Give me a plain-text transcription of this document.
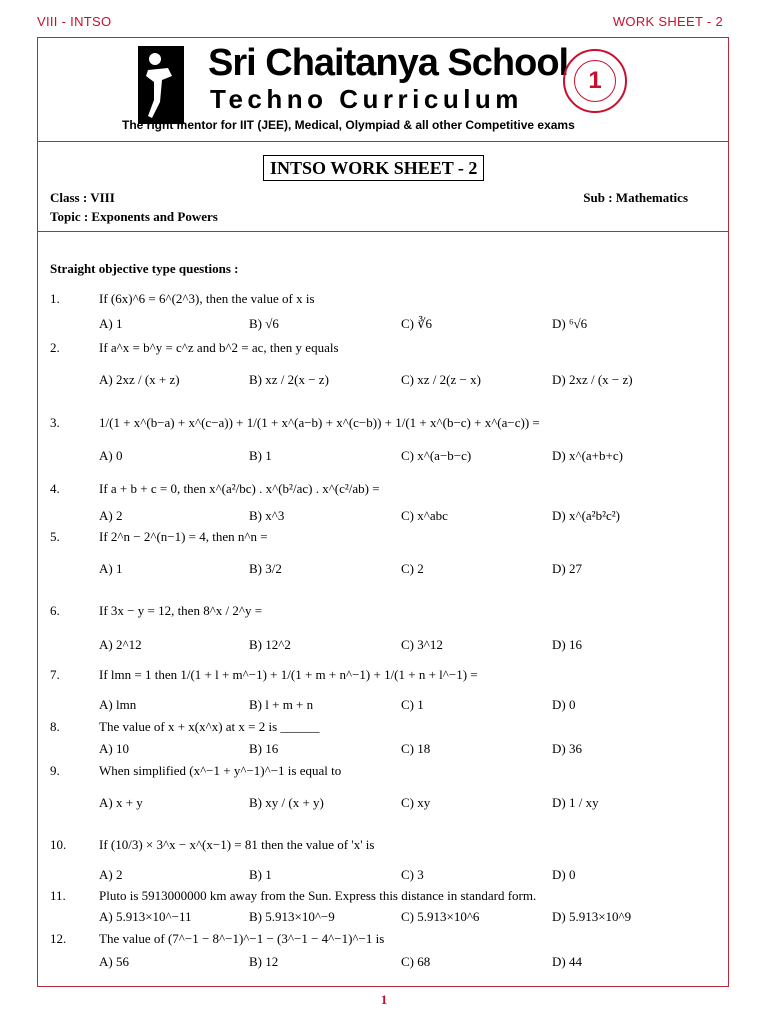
VIII - INTSO	WORK SHEET - 2
Sri Chaitanya School
Techno Curriculum
1
The right mentor for IIT (JEE), Medical, Olympiad & all other Competitive exams
INTSO WORK SHEET - 2
Class : VIII	Sub : Mathematics
Topic : Exponents and Powers
Straight objective type questions :
1.	If (6x)^6 = 6^(2^3), then the value of x is
A) 1	B) √6	C) ∛6	D) ⁶√6
2.	If a^x = b^y = c^z and b^2 = ac, then y equals
A) 2xz / (x + z)	B) xz / 2(x − z)	C) xz / 2(z − x)	D) 2xz / (x − z)
3.	1/(1 + x^(b−a) + x^(c−a)) + 1/(1 + x^(a−b) + x^(c−b)) + 1/(1 + x^(b−c) + x^(a−c)) =
A) 0	B) 1	C) x^(a−b−c)	D) x^(a+b+c)
4.	If a + b + c = 0, then x^(a²/bc) . x^(b²/ac) . x^(c²/ab) =
A) 2	B) x^3	C) x^abc	D) x^(a²b²c²)
5.	If 2^n − 2^(n−1) = 4, then n^n =
A) 1	B) 3/2	C) 2	D) 27
6.	If 3x − y = 12, then 8^x / 2^y =
A) 2^12	B) 12^2	C) 3^12	D) 16
7.	If lmn = 1 then 1/(1 + l + m^−1) + 1/(1 + m + n^−1) + 1/(1 + n + l^−1) =
A) lmn	B) l + m + n	C) 1	D) 0
8.	The value of x + x(x^x) at x = 2 is ______
A) 10	B) 16	C) 18	D) 36
9.	When simplified (x^−1 + y^−1)^−1 is equal to
A) x + y	B) xy / (x + y)	C) xy	D) 1 / xy
10.	If (10/3) × 3^x − x^(x−1) = 81 then the value of 'x' is
A) 2	B) 1	C) 3	D) 0
11.	Pluto is 5913000000 km away from the Sun. Express this distance in standard form.
A) 5.913×10^−11	B) 5.913×10^−9	C) 5.913×10^6	D) 5.913×10^9
12.	The value of (7^−1 − 8^−1)^−1 − (3^−1 − 4^−1)^−1 is
A) 56	B) 12	C) 68	D) 44
1
